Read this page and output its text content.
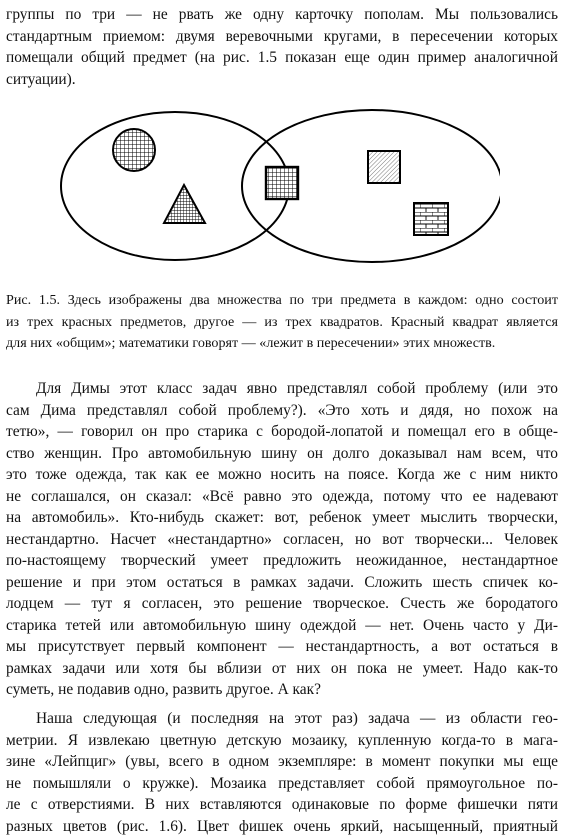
группы по три — не рвать же одну карточку пополам. Мы пользовались
стандартным приемом: двумя веревочными кругами, в пересечении которых
помещали общий предмет (на рис. 1.5 показан еще один пример аналогичной
ситуации).

Рис. 1.5. Здесь изображены два множества по три предмета в каждом: одно состоит
из трех красных предметов, другое — из трех квадратов. Красный квадрат является
для них «общим»; математики говорят — «лежит в пересечении» этих множеств.

Для Димы этот класс задач явно представлял собой проблему (или это
сам Дима представлял собой проблему?). «Это хоть и дядя, но похож на
тетю», — говорил он про старика с бородой-лопатой и помещал его в обще-
ство женщин. Про автомобильную шину он долго доказывал нам всем, что
это тоже одежда, так как ее можно носить на поясе. Когда же с ним никто
не соглашался, он сказал: «Всё равно это одежда, потому что ее надевают
на автомобиль». Кто-нибудь скажет: вот, ребенок умеет мыслить творчески,
нестандартно. Насчет «нестандартно» согласен, но вот творчески... Человек
по-настоящему творческий умеет предложить неожиданное, нестандартное
решение и при этом остаться в рамках задачи. Сложить шесть спичек ко-
лодцем — тут я согласен, это решение творческое. Счесть же бородатого
старика тетей или автомобильную шину одеждой — нет. Очень часто у Ди-
мы присутствует первый компонент — нестандартность, а вот остаться в
рамках задачи или хотя бы вблизи от них он пока не умеет. Надо как-то
суметь, не подавив одно, развить другое. А как?

Наша следующая (и последняя на этот раз) задача — из области гео-
метрии. Я извлекаю цветную детскую мозаику, купленную когда-то в мага-
зине «Лейпциг» (увы, всего в одном экземпляре: в момент покупки мы еще
не помышляли о кружке). Мозаика представляет собой прямоугольное по-
ле с отверстиями. В них вставляются одинаковые по форме фишечки пяти
разных цветов (рис. 1.6). Цвет фишек очень яркий, насыщенный, приятный
